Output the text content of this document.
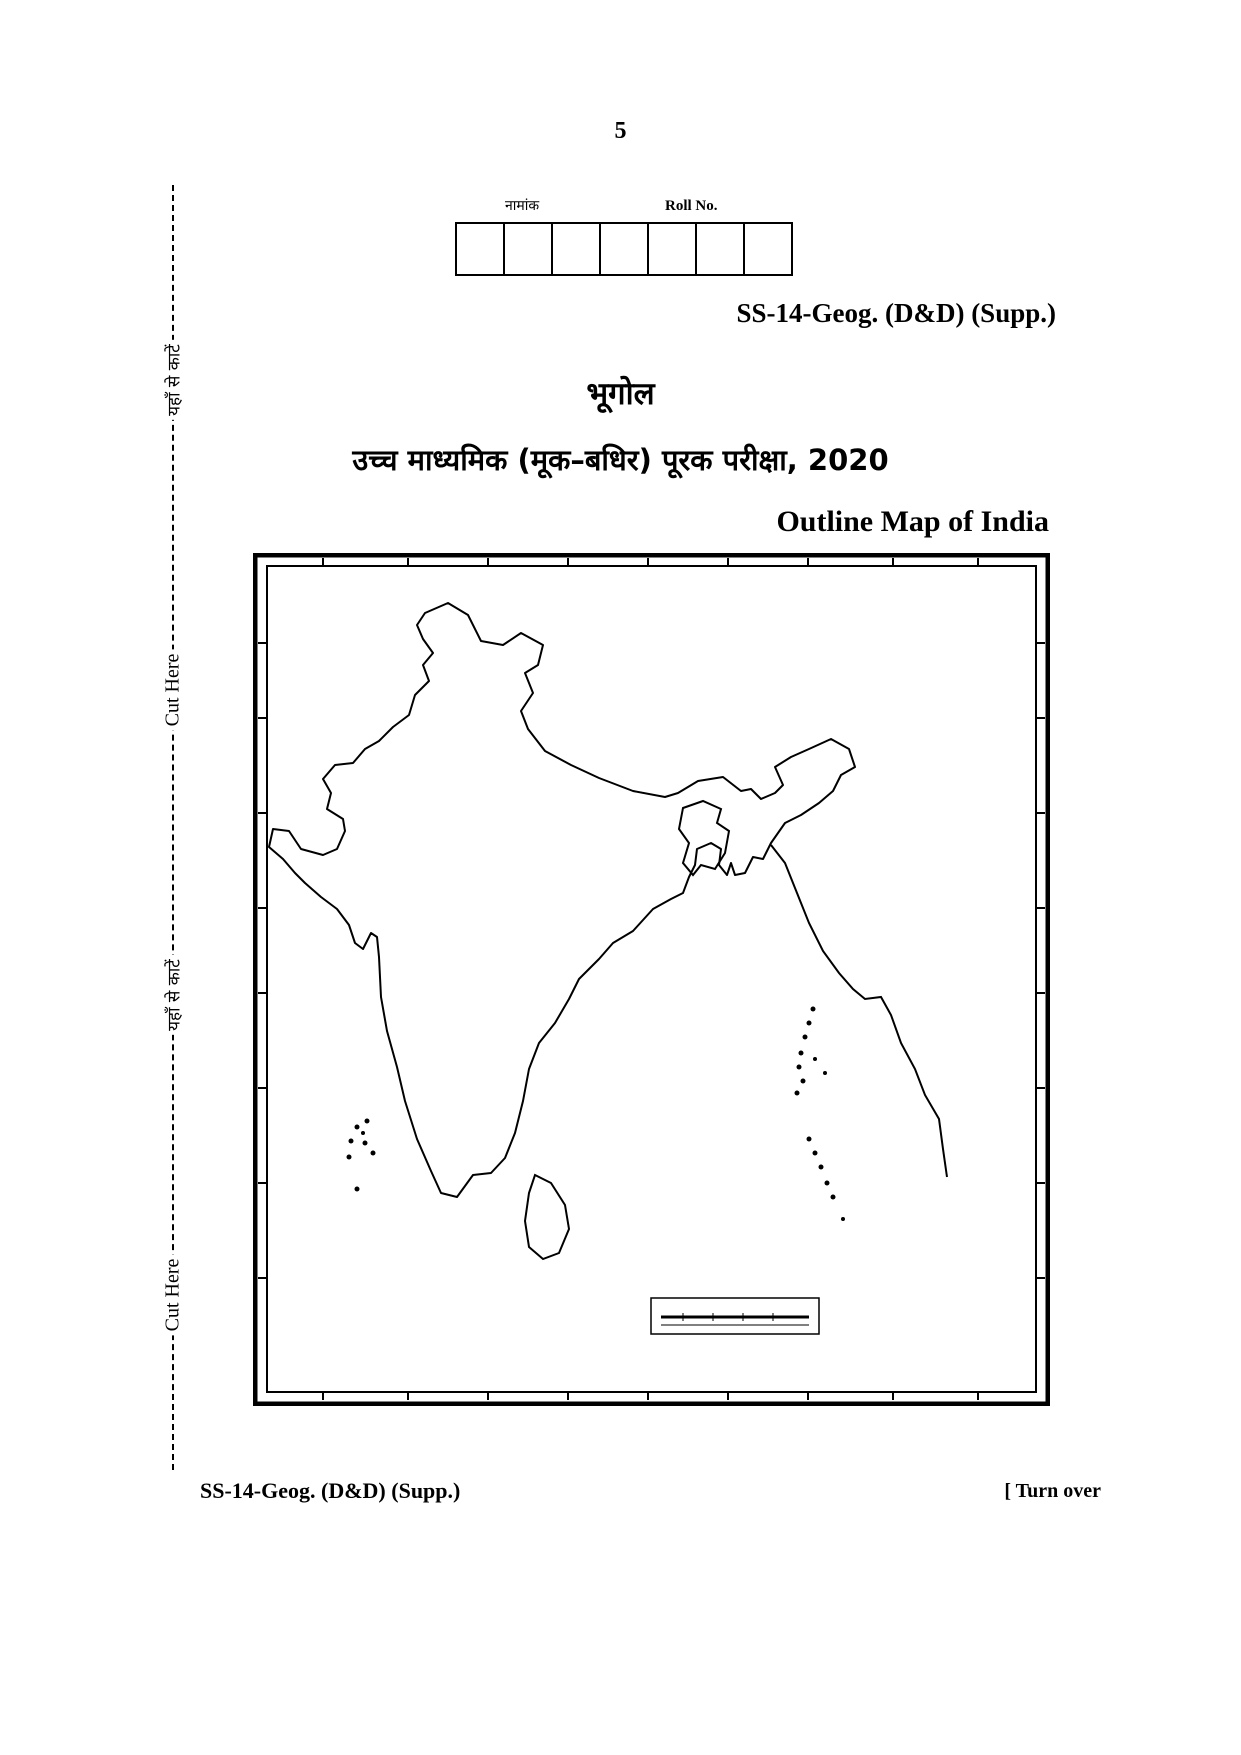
5
यहाँ से काटें
Cut Here
यहाँ से काटें
Cut Here
नामांक	Roll No.
SS-14-Geog. (D&D) (Supp.)
भूगोल
उच्च माध्यमिक (मूक–बधिर) पूरक परीक्षा, 2020
Outline Map of India
SS-14-Geog. (D&D) (Supp.)	[ Turn over
